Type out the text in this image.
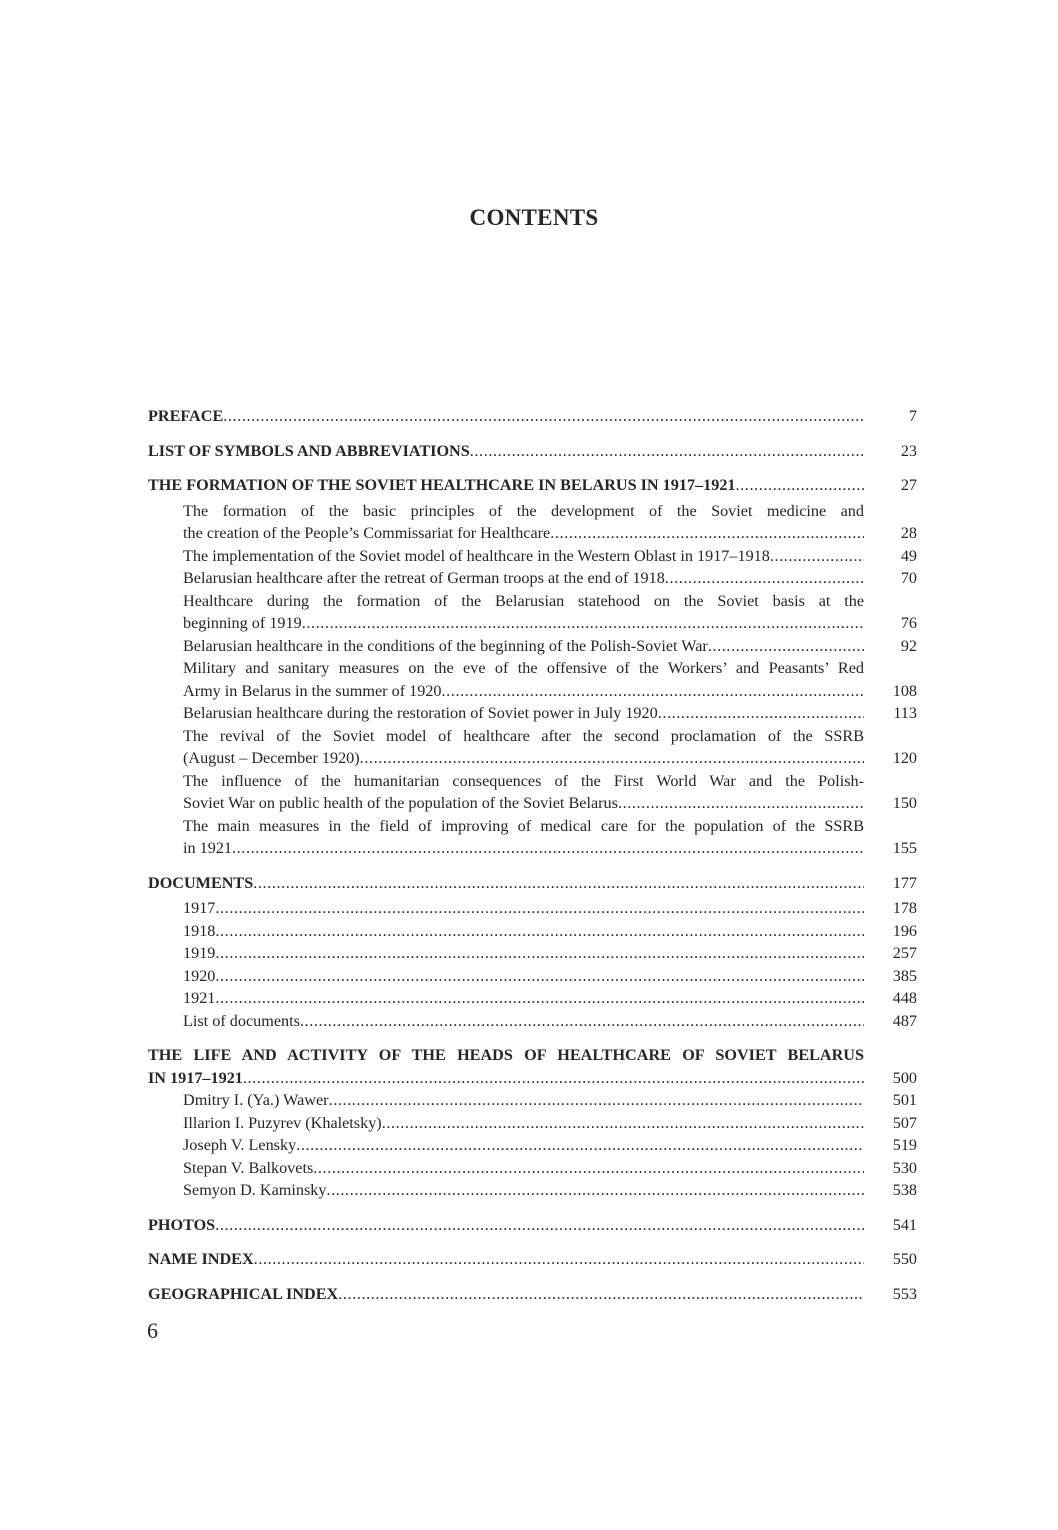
CONTENTS
PREFACE .....	7
LIST OF SYMBOLS AND ABBREVIATIONS .....	23
THE FORMATION OF THE SOVIET HEALTHCARE IN BELARUS IN 1917–1921 .....	27
The formation of the basic principles of the development of the Soviet medicine and
the creation of the People’s Commissariat for Healthcare .....	28
The implementation of the Soviet model of healthcare in the Western Oblast in 1917–1918 .....	49
Belarusian healthcare after the retreat of German troops at the end of 1918 .....	70
Healthcare during the formation of the Belarusian statehood on the Soviet basis at the
beginning of 1919 .....	76
Belarusian healthcare in the conditions of the beginning of the Polish-Soviet War .....	92
Military and sanitary measures on the eve of the offensive of the Workers’ and Peasants’ Red
Army in Belarus in the summer of 1920 .....	108
Belarusian healthcare during the restoration of Soviet power in July 1920 .....	113
The revival of the Soviet model of healthcare after the second proclamation of the SSRB
(August – December 1920) .....	120
The influence of the humanitarian consequences of the First World War and the Polish-
Soviet War on public health of the population of the Soviet Belarus .....	150
The main measures in the field of improving of medical care for the population of the SSRB
in 1921 .....	155
DOCUMENTS .....	177
1917 .....	178
1918 .....	196
1919 .....	257
1920 .....	385
1921 .....	448
List of documents .....	487
THE LIFE AND ACTIVITY OF THE HEADS OF HEALTHCARE OF SOVIET BELARUS
IN 1917–1921 .....	500
Dmitry I. (Ya.) Wawer .....	501
Illarion I. Puzyrev (Khaletsky) .....	507
Joseph V. Lensky .....	519
Stepan V. Balkovets .....	530
Semyon D. Kaminsky .....	538
PHOTOS .....	541
NAME INDEX .....	550
GEOGRAPHICAL INDEX .....	553
6
